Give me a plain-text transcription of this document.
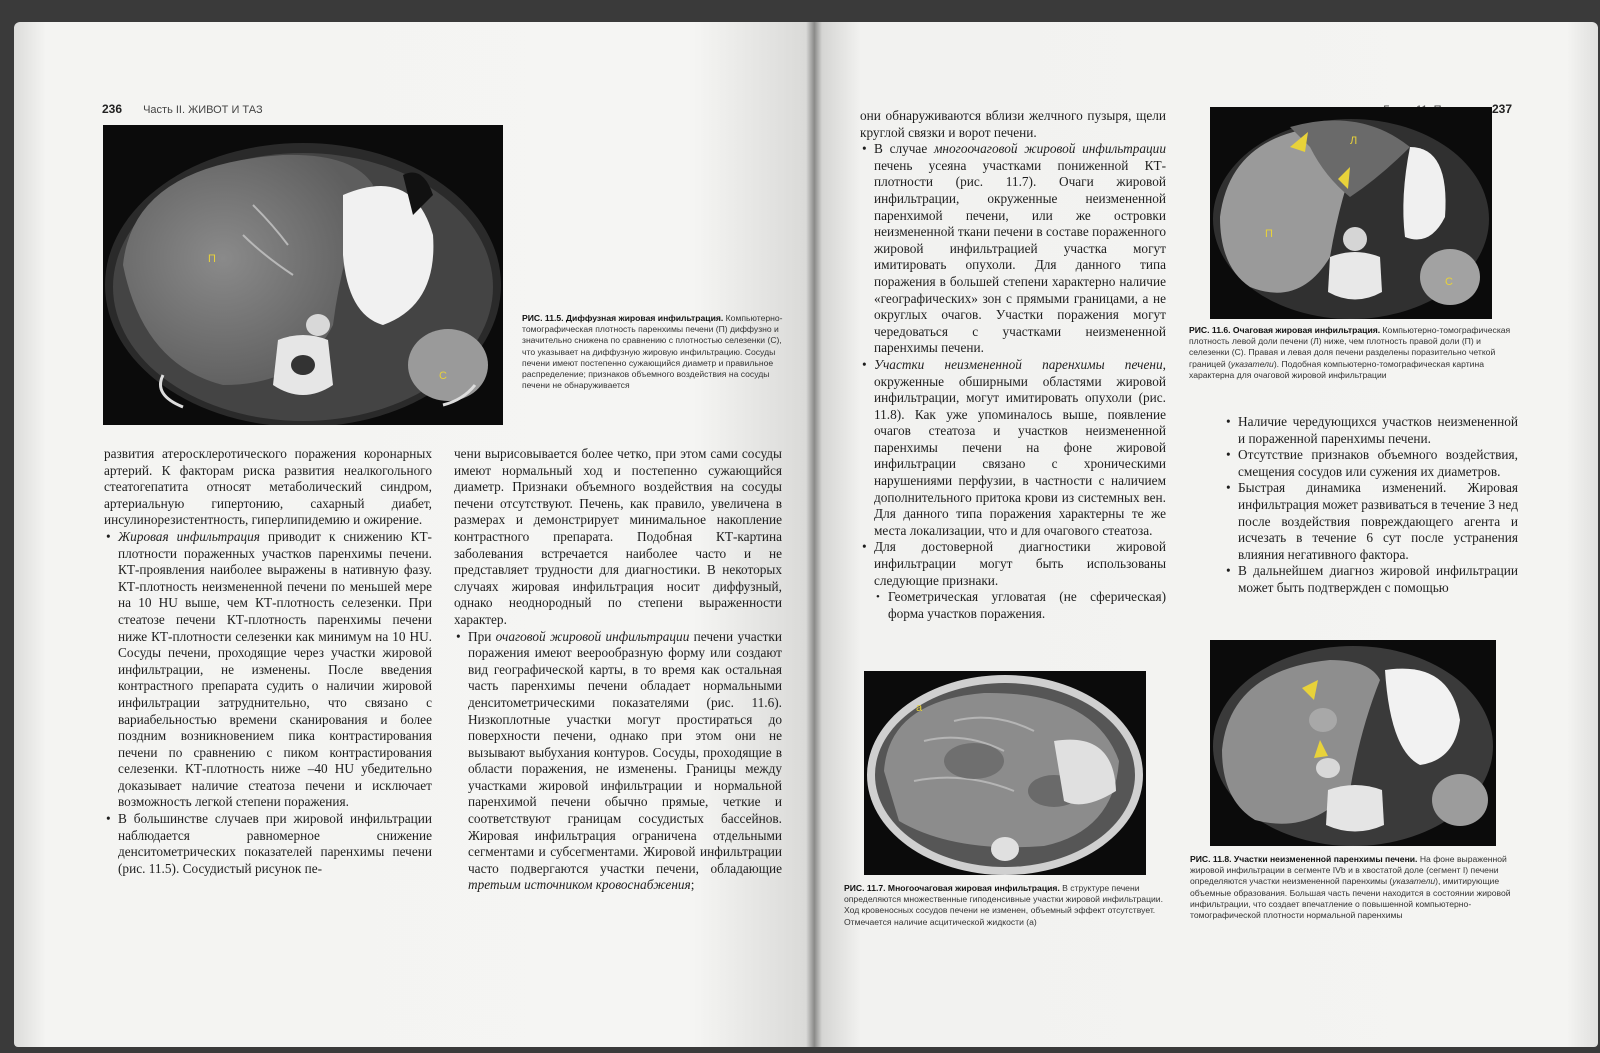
236 Часть II. ЖИВОТ И ТАЗ
П
С
РИС. 11.5. Диффузная жировая инфильтрация. Компьютерно-томографическая плотность паренхимы печени (П) диффузно и значительно снижена по сравнению с плотностью селезенки (С), что указывает на диффузную жировую инфильтрацию. Сосуды печени имеют постепенно сужающийся диаметр и правильное распределение; признаков объемного воздействия на сосуды печени не обнаруживается

развития атеросклеротического поражения коронарных артерий. К факторам риска развития неалкогольного стеатогепатита относят метаболический синдром, артериальную гипертонию, сахарный диабет, инсулинорезистентность, гиперлипидемию и ожирение.

• Жировая инфильтрация приводит к снижению КТ-плотности пораженных участков паренхимы печени. КТ-проявления наиболее выражены в нативную фазу. КТ-плотность неизмененной печени по меньшей мере на 10 HU выше, чем КТ-плотность селезенки. При стеатозе печени КТ-плотность паренхимы печени ниже КТ-плотности селезенки как минимум на 10 HU. Сосуды печени, проходящие через участки жировой инфильтрации, не изменены. После введения контрастного препарата судить о наличии жировой инфильтрации затруднительно, что связано с вариабельностью времени сканирования и более поздним возникновением пика контрастирования печени по сравнению с пиком контрастирования селезенки. КТ-плотность ниже –40 HU убедительно доказывает наличие стеатоза печени и исключает возможность легкой степени поражения.
• В большинстве случаев при жировой инфильтрации наблюдается равномерное снижение денситометрических показателей паренхимы печени (рис. 11.5). Сосудистый рисунок пе-

чени вырисовывается более четко, при этом сами сосуды имеют нормальный ход и постепенно сужающийся диаметр. Признаки объемного воздействия на сосуды печени отсутствуют. Печень, как правило, увеличена в размерах и демонстрирует минимальное накопление контрастного препарата. Подобная КТ-картина заболевания встречается наиболее часто и не представляет трудности для диагностики. В некоторых случаях жировая инфильтрация носит диффузный, однако неоднородный по степени выраженности характер.

• При очаговой жировой инфильтрации печени участки поражения имеют веерообразную форму или создают вид географической карты, в то время как остальная часть паренхимы печени обладает нормальными денситометрическими показателями (рис. 11.6). Низкоплотные участки могут простираться до поверхности печени, однако при этом они не вызывают выбухания контуров. Сосуды, проходящие в области поражения, не изменены. Границы между участками жировой инфильтрации и нормальной паренхимой печени обычно прямые, четкие и соответствуют границам сосудистых бассейнов. Жировая инфильтрация ограничена отдельными сегментами и субсегментами. Жировой инфильтрации часто подвергаются участки печени, обладающие третьим источником кровоснабжения;
237

они обнаруживаются вблизи желчного пузыря, щели круглой связки и ворот печени.

• В случае многоочаговой жировой инфильтрации печень усеяна участками пониженной КТ-плотности (рис. 11.7). Очаги жировой инфильтрации, окруженные неизмененной паренхимой печени, или же островки неизмененной ткани печени в составе пораженного жировой инфильтрацией участка могут имитировать опухоли. Для данного типа поражения в большей степени характерно наличие «географических» зон с прямыми границами, а не округлых очагов. Участки поражения могут чередоваться с участками неизмененной паренхимы печени.
• Участки неизмененной паренхимы печени, окруженные обширными областями жировой инфильтрации, могут имитировать опухоли (рис. 11.8). Как уже упоминалось выше, появление очагов стеатоза и участков неизмененной паренхимы печени на фоне жировой инфильтрации связано с хроническими нарушениями перфузии, в частности с наличием дополнительного притока крови из системных вен. Для данного типа поражения характерны те же места локализации, что и для очагового стеатоза.
• Для достоверной диагностики жировой инфильтрации могут быть использованы следующие признаки.
• Геометрическая угловатая (не сферическая) форма участков поражения.
Л
П
С
РИС. 11.6. Очаговая жировая инфильтрация. Компьютерно-томографическая плотность левой доли печени (Л) ниже, чем плотность правой доли (П) и селезенки (С). Правая и левая доля печени разделены поразительно четкой границей (указатели). Подобная компьютерно-томографическая картина характерна для очаговой жировой инфильтрации
• Наличие чередующихся участков неизмененной и пораженной паренхимы печени.
• Отсутствие признаков объемного воздействия, смещения сосудов или сужения их диаметров.
• Быстрая динамика изменений. Жировая инфильтрация может развиваться в течение 3 нед после воздействия повреждающего агента и исчезать в течение 6 сут после устранения влияния негативного фактора.
• В дальнейшем диагноз жировой инфильтрации может быть подтвержден с помощью
а
РИС. 11.7. Многоочаговая жировая инфильтрация. В структуре печени определяются множественные гиподенсивные участки жировой инфильтрации. Ход кровеносных сосудов печени не изменен, объемный эффект отсутствует. Отмечается наличие асцитической жидкости (а)
РИС. 11.8. Участки неизмененной паренхимы печени. На фоне выраженной жировой инфильтрации в сегменте IVb и в хвостатой доле (сегмент I) печени определяются участки неизмененной паренхимы (указатели), имитирующие объемные образования. Большая часть печени находится в состоянии жировой инфильтрации, что создает впечатление о повышенной компьютерно-томографической плотности нормальной паренхимы
